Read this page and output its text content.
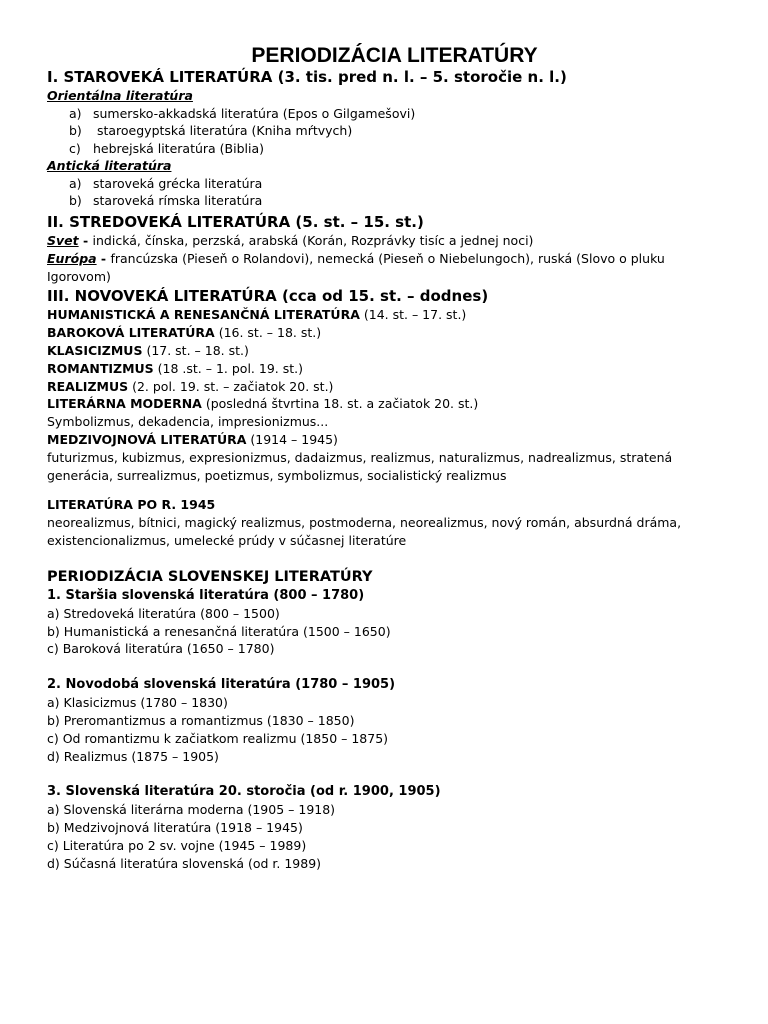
PERIODIZÁCIA LITERATÚRY

I. STAROVEKÁ LITERATÚRA (3. tis. pred n. l. – 5. storočie n. l.)

Orientálna literatúra

a) sumersko-akkadská literatúra (Epos o Gilgamešovi)
b) staroegyptská literatúra (Kniha mŕtvych)
c) hebrejská literatúra (Biblia)

Antická literatúra

a) staroveká grécka literatúra
b) staroveká rímska literatúra

II. STREDOVEKÁ LITERATÚRA (5. st. – 15. st.)

Svet - indická, čínska, perzská, arabská (Korán, Rozprávky tisíc a jednej noci)

Európa - francúzska (Pieseň o Rolandovi), nemecká (Pieseň o Niebelungoch), ruská (Slovo o pluku Igorovom)

III. NOVOVEKÁ LITERATÚRA (cca od 15. st. – dodnes)

HUMANISTICKÁ A RENESANČNÁ LITERATÚRA (14. st. – 17. st.)

BAROKOVÁ LITERATÚRA (16. st. – 18. st.)

KLASICIZMUS (17. st. – 18. st.)

ROMANTIZMUS (18 .st. – 1. pol. 19. st.)

REALIZMUS (2. pol. 19. st. – začiatok 20. st.)

LITERÁRNA MODERNA (posledná štvrtina 18. st. a začiatok 20. st.)

Symbolizmus, dekadencia, impresionizmus...

MEDZIVOJNOVÁ LITERATÚRA (1914 – 1945)

futurizmus, kubizmus, expresionizmus, dadaizmus, realizmus, naturalizmus, nadrealizmus, stratená generácia, surrealizmus, poetizmus, symbolizmus, socialistický realizmus

LITERATÚRA PO R. 1945

neorealizmus, bítnici, magický realizmus, postmoderna, neorealizmus, nový román, absurdná dráma, existencionalizmus, umelecké prúdy v súčasnej literatúre

PERIODIZÁCIA SLOVENSKEJ LITERATÚRY

1. Staršia slovenská literatúra (800 – 1780)

a) Stredoveká literatúra (800 – 1500)

b) Humanistická a renesančná literatúra (1500 – 1650)

c) Baroková literatúra (1650 – 1780)

2. Novodobá slovenská literatúra (1780 – 1905)

a) Klasicizmus (1780 – 1830)

b) Preromantizmus a romantizmus (1830 – 1850)

c) Od romantizmu k začiatkom realizmu (1850 – 1875)

d) Realizmus (1875 – 1905)

3. Slovenská literatúra 20. storočia (od r. 1900, 1905)

a) Slovenská literárna moderna (1905 – 1918)

b) Medzivojnová literatúra (1918 – 1945)

c) Literatúra po 2 sv. vojne (1945 – 1989)

d) Súčasná literatúra slovenská (od r. 1989)
